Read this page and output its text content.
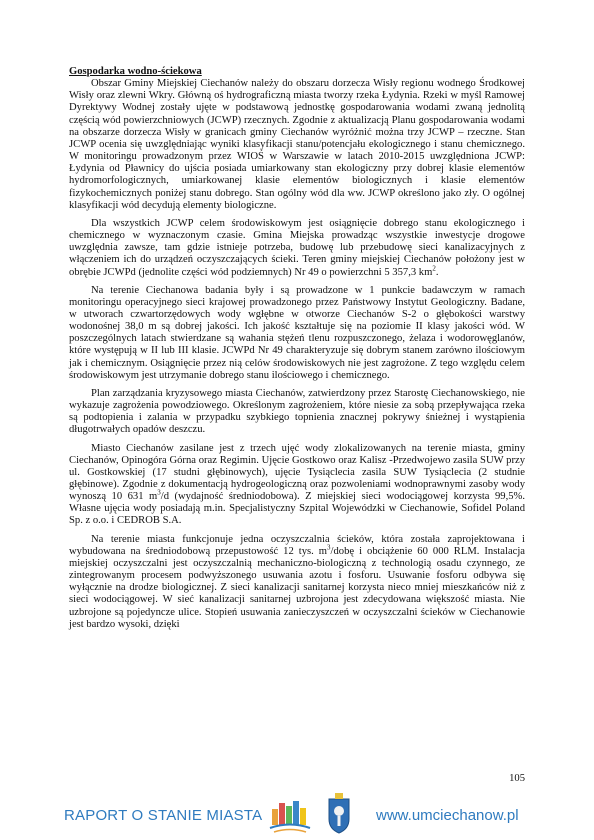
Gospodarka wodno-ściekowa

Obszar Gminy Miejskiej Ciechanów należy do obszaru dorzecza Wisły regionu wodnego Środkowej Wisły oraz zlewni Wkry. Główną oś hydrograficzną miasta tworzy rzeka Łydynia. Rzeki w myśl Ramowej Dyrektywy Wodnej zostały ujęte w podstawową jednostkę gospodarowania wodami zwaną jednolitą częścią wód powierzchniowych (JCWP) rzecznych. Zgodnie z aktualizacją Planu gospodarowania wodami na obszarze dorzecza Wisły w granicach gminy Ciechanów wyróżnić można trzy JCWP – rzeczne. Stan JCWP ocenia się uwzględniając wyniki klasyfikacji stanu/potencjału ekologicznego i stanu chemicznego. W monitoringu prowadzonym przez WIOŚ w Warszawie w latach 2010-2015 uwzględniona JCWP: Łydynia od Pławnicy do ujścia posiada umiarkowany stan ekologiczny przy dobrej klasie elementów hydromorfologicznych, umiarkowanej klasie elementów biologicznych i klasie elementów fizykochemicznych poniżej stanu dobrego. Stan ogólny wód dla ww. JCWP określono jako zły. O ogólnej klasyfikacji wód decydują elementy biologiczne.

Dla wszystkich JCWP celem środowiskowym jest osiągnięcie dobrego stanu ekologicznego i chemicznego w wyznaczonym czasie. Gmina Miejska prowadząc wszystkie inwestycje drogowe uwzględnia zawsze, tam gdzie istnieje potrzeba, budowę lub przebudowę sieci kanalizacyjnych z włączeniem ich do urządzeń oczyszczających ścieki. Teren gminy miejskiej Ciechanów położony jest w obrębie JCWPd (jednolite części wód podziemnych) Nr 49 o powierzchni 5 357,3 $km^2$.

Na terenie Ciechanowa badania były i są prowadzone w 1 punkcie badawczym w ramach monitoringu operacyjnego sieci krajowej prowadzonego przez Państwowy Instytut Geologiczny. Badane, w utworach czwartorzędowych wody wgłębne w otworze Ciechanów S-2 o głębokości warstwy wodonośnej 38,0 m są dobrej jakości. Ich jakość kształtuje się na poziomie II klasy jakości wód. W poszczególnych latach stwierdzane są wahania stężeń tlenu rozpuszczonego, żelaza i wodorowęglanów, które występują w II lub III klasie. JCWPd Nr 49 charakteryzuje się dobrym stanem zarówno ilościowym jak i chemicznym. Osiągnięcie przez nią celów środowiskowych nie jest zagrożone. Z tego względu celem środowiskowym jest utrzymanie dobrego stanu ilościowego i chemicznego.

Plan zarządzania kryzysowego miasta Ciechanów, zatwierdzony przez Starostę Ciechanowskiego, nie wykazuje zagrożenia powodziowego. Określonym zagrożeniem, które niesie za sobą przepływająca rzeka są podtopienia i zalania w przypadku szybkiego topnienia znacznej pokrywy śnieżnej i wystąpienia długotrwałych opadów deszczu.

Miasto Ciechanów zasilane jest z trzech ujęć wody zlokalizowanych na terenie miasta, gminy Ciechanów, Opinogóra Górna oraz Regimin. Ujęcie Gostkowo oraz Kalisz -Przedwojewo zasila SUW przy ul. Gostkowskiej (17 studni głębinowych), ujęcie Tysiąclecia zasila SUW Tysiąclecia (2 studnie głębinowe). Zgodnie z dokumentacją hydrogeologiczną oraz pozwoleniami wodnoprawnymi zasoby wody wynoszą 10 631 $m^3/d$ (wydajność średniodobowa). Z miejskiej sieci wodociągowej korzysta 99,5%. Własne ujęcia wody posiadają m.in. Specjalistyczny Szpital Wojewódzki w Ciechanowie, Sofidel Poland Sp. z o.o. i CEDROB S.A.

Na terenie miasta funkcjonuje jedna oczyszczalnia ścieków, która została zaprojektowana i wybudowana na średniodobową przepustowość 12 tys. $m^3$/dobę i obciążenie 60 000 RLM. Instalacja miejskiej oczyszczalni jest oczyszczalnią mechaniczno-biologiczną z technologią osadu czynnego, ze zintegrowanym procesem podwyższonego usuwania azotu i fosforu. Usuwanie fosforu odbywa się wyłącznie na drodze biologicznej. Z sieci kanalizacji sanitarnej korzysta nieco mniej mieszkańców niż z sieci wodociągowej. W sieć kanalizacji sanitarnej uzbrojona jest zdecydowana większość miasta. Nie uzbrojone są pojedyncze ulice. Stopień usuwania zanieczyszczeń w oczyszczalni ścieków w Ciechanowie jest bardzo wysoki, dzięki

105
RAPORT O STANIE MIASTA	www.umciechanow.pl
